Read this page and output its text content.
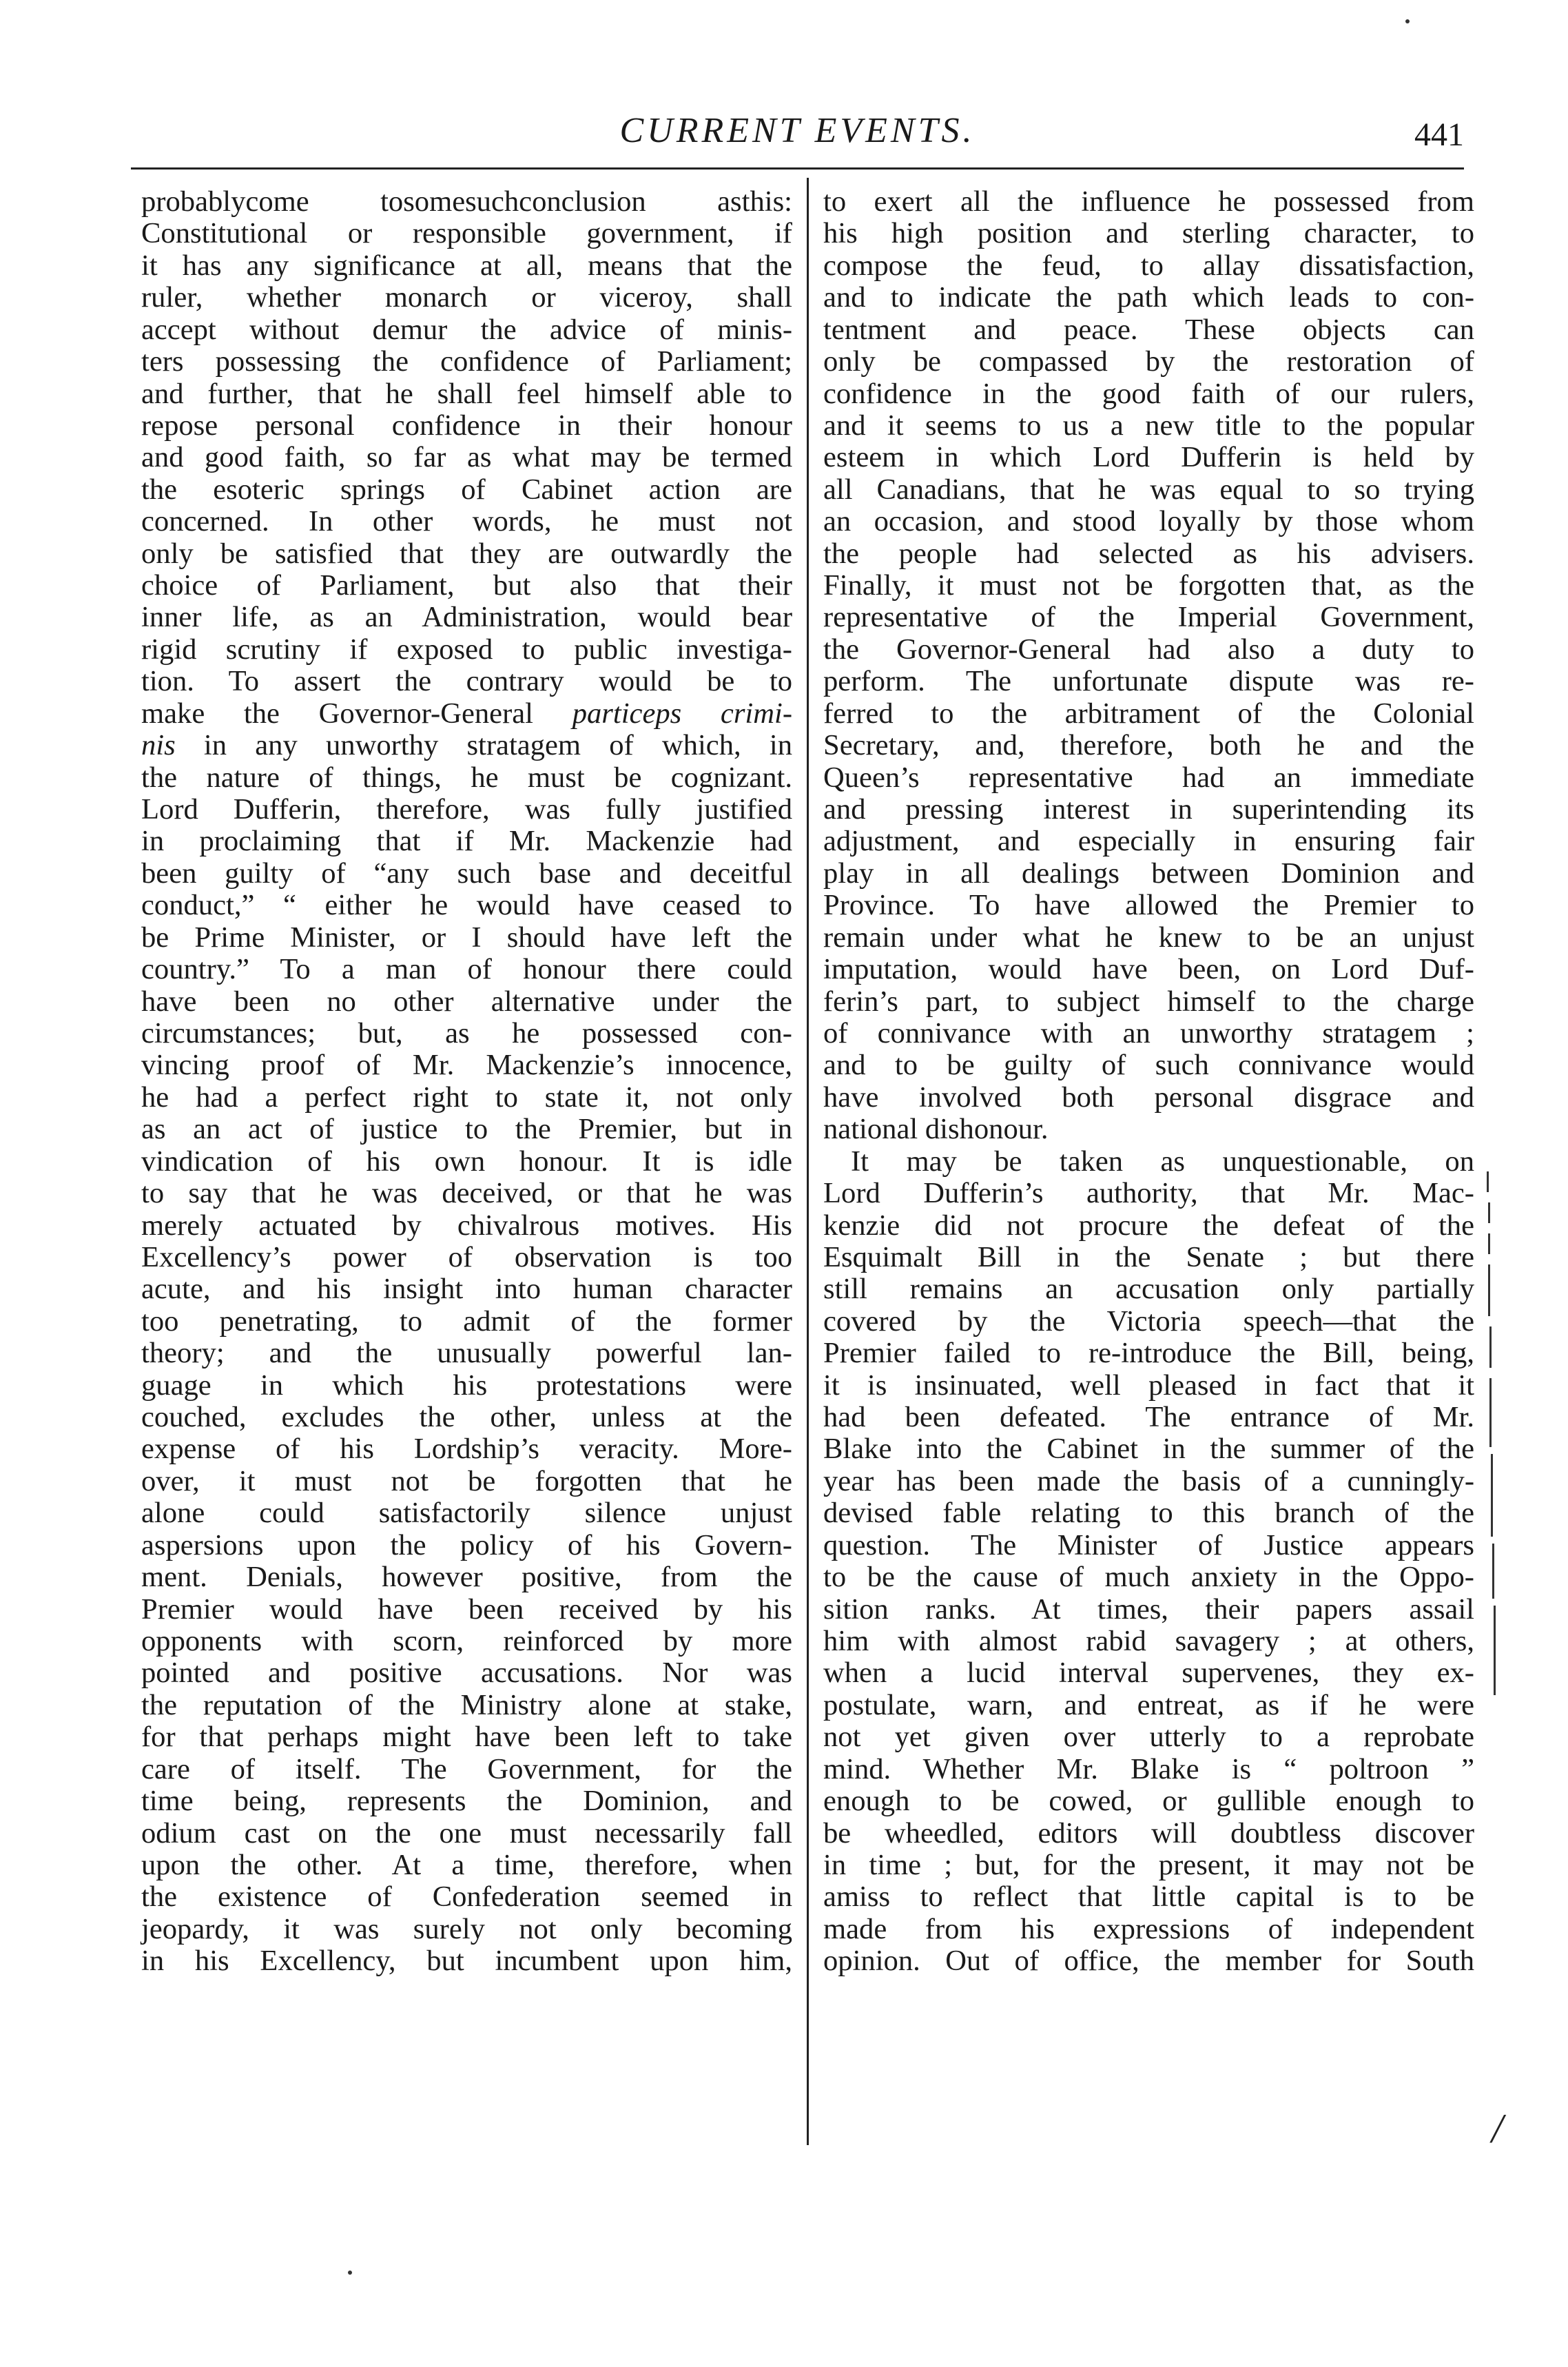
CURRENT EVENTS.	441
probablycome tosomesuchconclusion asthis:
Constitutional or responsible government, if
it has any significance at all, means that the
ruler, whether monarch or viceroy, shall
accept without demur the advice of minis-
ters possessing the confidence of Parliament;
and further, that he shall feel himself able to
repose personal confidence in their honour
and good faith, so far as what may be termed
the esoteric springs of Cabinet action are
concerned. In other words, he must not
only be satisfied that they are outwardly the
choice of Parliament, but also that their
inner life, as an Administration, would bear
rigid scrutiny if exposed to public investiga-
tion. To assert the contrary would be to
make the Governor-General particeps crimi-
nis in any unworthy stratagem of which, in
the nature of things, he must be cognizant.
Lord Dufferin, therefore, was fully justified
in proclaiming that if Mr. Mackenzie had
been guilty of “any such base and deceitful
conduct,” “ either he would have ceased to
be Prime Minister, or I should have left the
country.” To a man of honour there could
have been no other alternative under the
circumstances; but, as he possessed con-
vincing proof of Mr. Mackenzie’s innocence,
he had a perfect right to state it, not only
as an act of justice to the Premier, but in
vindication of his own honour. It is idle
to say that he was deceived, or that he was
merely actuated by chivalrous motives. His
Excellency’s power of observation is too
acute, and his insight into human character
too penetrating, to admit of the former
theory; and the unusually powerful lan-
guage in which his protestations were
couched, excludes the other, unless at the
expense of his Lordship’s veracity. More-
over, it must not be forgotten that he
alone could satisfactorily silence unjust
aspersions upon the policy of his Govern-
ment. Denials, however positive, from the
Premier would have been received by his
opponents with scorn, reinforced by more
pointed and positive accusations. Nor was
the reputation of the Ministry alone at stake,
for that perhaps might have been left to take
care of itself. The Government, for the
time being, represents the Dominion, and
odium cast on the one must necessarily fall
upon the other. At a time, therefore, when
the existence of Confederation seemed in
jeopardy, it was surely not only becoming
in his Excellency, but incumbent upon him,
to exert all the influence he possessed from
his high position and sterling character, to
compose the feud, to allay dissatisfaction,
and to indicate the path which leads to con-
tentment and peace. These objects can
only be compassed by the restoration of
confidence in the good faith of our rulers,
and it seems to us a new title to the popular
esteem in which Lord Dufferin is held by
all Canadians, that he was equal to so trying
an occasion, and stood loyally by those whom
the people had selected as his advisers.
Finally, it must not be forgotten that, as the
representative of the Imperial Government,
the Governor-General had also a duty to
perform. The unfortunate dispute was re-
ferred to the arbitrament of the Colonial
Secretary, and, therefore, both he and the
Queen’s representative had an immediate
and pressing interest in superintending its
adjustment, and especially in ensuring fair
play in all dealings between Dominion and
Province. To have allowed the Premier to
remain under what he knew to be an unjust
imputation, would have been, on Lord Duf-
ferin’s part, to subject himself to the charge
of connivance with an unworthy stratagem ;
and to be guilty of such connivance would
have involved both personal disgrace and
national dishonour.
It may be taken as unquestionable, on
Lord Dufferin’s authority, that Mr. Mac-
kenzie did not procure the defeat of the
Esquimalt Bill in the Senate ; but there
still remains an accusation only partially
covered by the Victoria speech—that the
Premier failed to re-introduce the Bill, being,
it is insinuated, well pleased in fact that it
had been defeated. The entrance of Mr.
Blake into the Cabinet in the summer of the
year has been made the basis of a cunningly-
devised fable relating to this branch of the
question. The Minister of Justice appears
to be the cause of much anxiety in the Oppo-
sition ranks. At times, their papers assail
him with almost rabid savagery ; at others,
when a lucid interval supervenes, they ex-
postulate, warn, and entreat, as if he were
not yet given over utterly to a reprobate
mind. Whether Mr. Blake is “ poltroon ”
enough to be cowed, or gullible enough to
be wheedled, editors will doubtless discover
in time ; but, for the present, it may not be
amiss to reflect that little capital is to be
made from his expressions of independent
opinion. Out of office, the member for South
/
